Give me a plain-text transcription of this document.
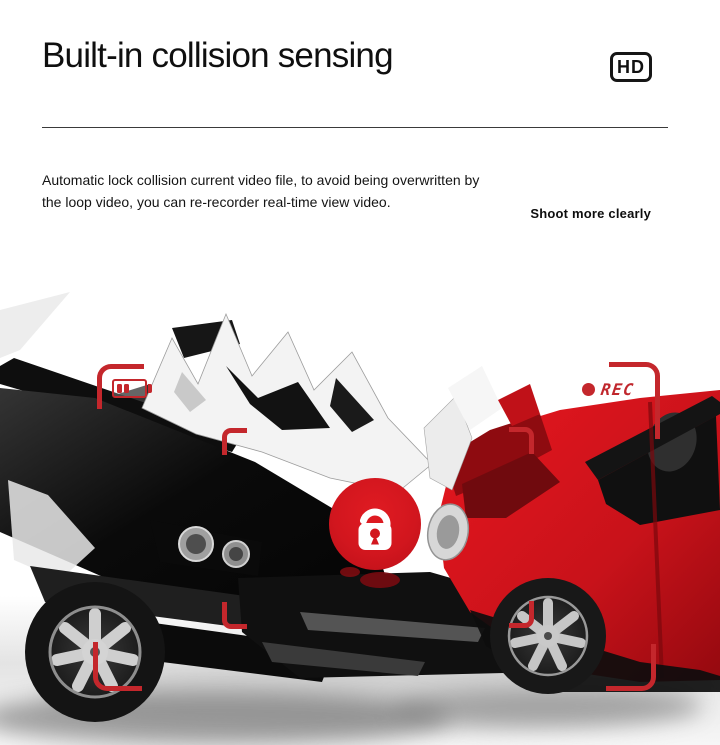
Built-in collision sensing	HD

Automatic lock collision current video file, to avoid being overwritten by the loop video, you can re-recorder real-time view video.

Shoot more clearly
REC
